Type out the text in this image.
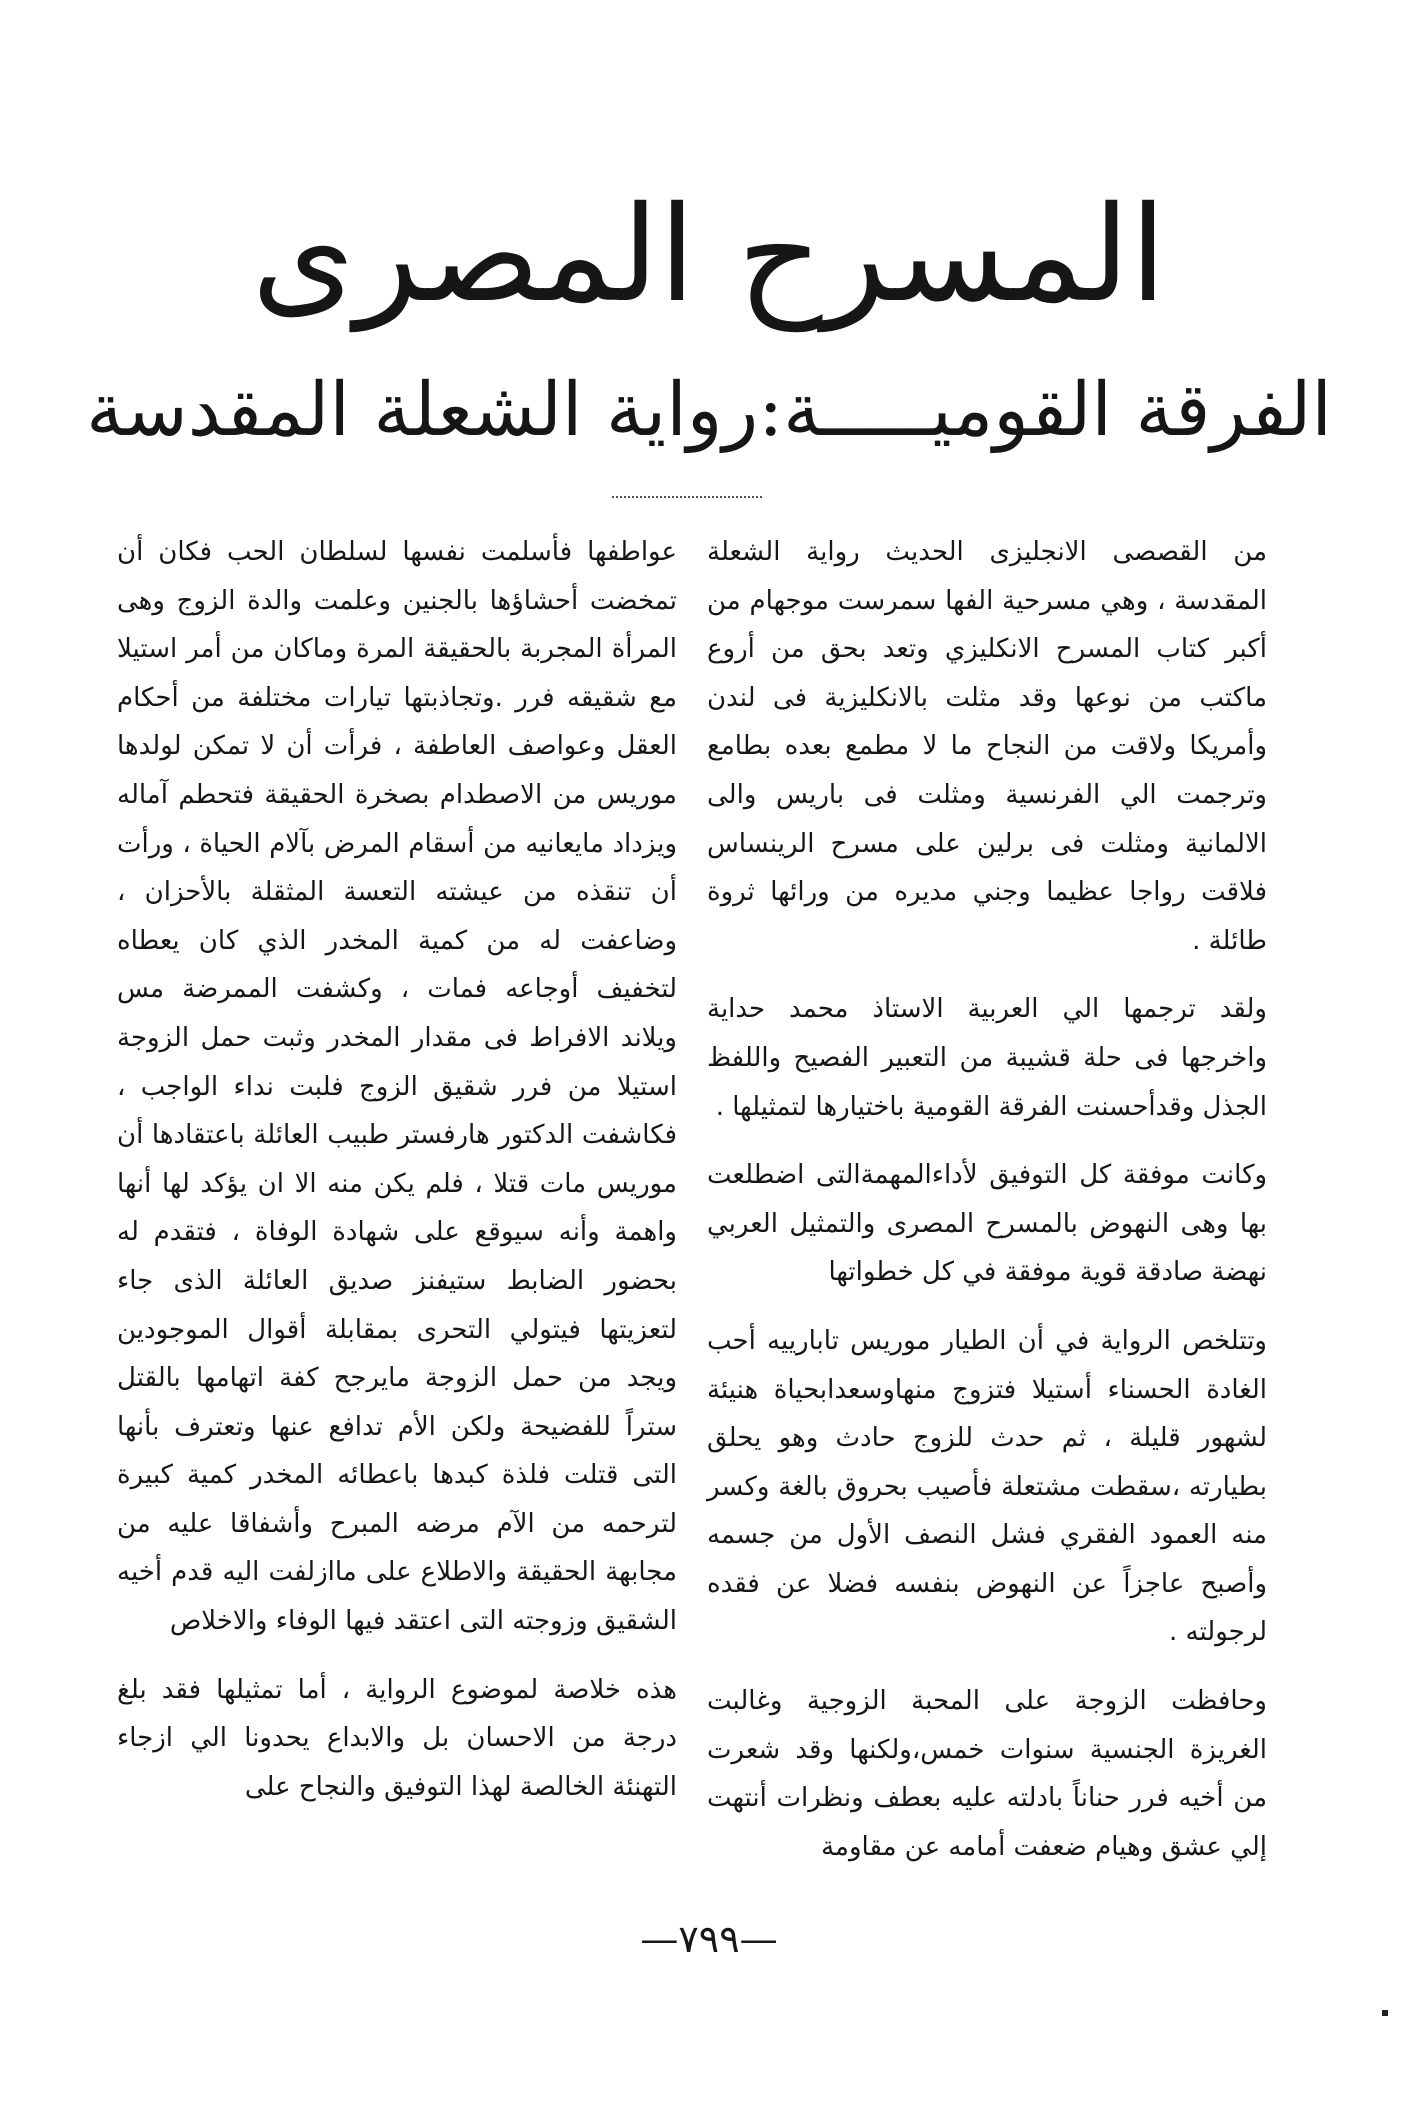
المسرح المصرى
الفرقة القوميـــــة:رواية الشعلة المقدسة

من القصصى الانجليزى الحديث رواية الشعلة المقدسة ، وهي مسرحية الفها سمرست موجهام من أكبر كتاب المسرح الانكليزي وتعد بحق من أروع ماكتب من نوعها وقد مثلت بالانكليزية فى لندن وأمريكا ولاقت من النجاح ما لا مطمع بعده بطامع وترجمت الي الفرنسية ومثلت فى باريس والى الالمانية ومثلت فى برلين على مسرح الرينساس فلاقت رواجا عظيما وجني مديره من ورائها ثروة طائلة .

ولقد ترجمها الي العربية الاستاذ محمد حداية واخرجها فى حلة قشيبة من التعبير الفصيح واللفظ الجذل وقدأحسنت الفرقة القومية باختيارها لتمثيلها .

وكانت موفقة كل التوفيق لأداءالمهمةالتى اضطلعت بها وهى النهوض بالمسرح المصرى والتمثيل العربي نهضة صادقة قوية موفقة في كل خطواتها

وتتلخص الرواية في أن الطيار موريس تابارييه أحب الغادة الحسناء أستيلا فتزوج منهاوسعدابحياة هنيئة لشهور قليلة ، ثم حدث للزوج حادث وهو يحلق بطيارته ،سقطت مشتعلة فأصيب بحروق بالغة وكسر منه العمود الفقري فشل النصف الأول من جسمه وأصبح عاجزاً عن النهوض بنفسه فضلا عن فقده لرجولته .

وحافظت الزوجة على المحبة الزوجية وغالبت الغريزة الجنسية سنوات خمس،ولكنها وقد شعرت من أخيه فرر حناناً بادلته عليه بعطف ونظرات أنتهت إلي عشق وهيام ضعفت أمامه عن مقاومة

عواطفها فأسلمت نفسها لسلطان الحب فكان أن تمخضت أحشاؤها بالجنين وعلمت والدة الزوج وهى المرأة المجربة بالحقيقة المرة وماكان من أمر استيلا مع شقيقه فرر .وتجاذبتها تيارات مختلفة من أحكام العقل وعواصف العاطفة ، فرأت أن لا تمكن لولدها موريس من الاصطدام بصخرة الحقيقة فتحطم آماله ويزداد مايعانيه من أسقام المرض بآلام الحياة ، ورأت أن تنقذه من عيشته التعسة المثقلة بالأحزان ، وضاعفت له من كمية المخدر الذي كان يعطاه لتخفيف أوجاعه فمات ، وكشفت الممرضة مس ويلاند الافراط فى مقدار المخدر وثبت حمل الزوجة استيلا من فرر شقيق الزوج فلبت نداء الواجب ، فكاشفت الدكتور هارفستر طبيب العائلة باعتقادها أن موريس مات قتلا ، فلم يكن منه الا ان يؤكد لها أنها واهمة وأنه سيوقع على شهادة الوفاة ، فتقدم له بحضور الضابط ستيفنز صديق العائلة الذى جاء لتعزيتها فيتولي التحرى بمقابلة أقوال الموجودين ويجد من حمل الزوجة مايرجح كفة اتهامها بالقتل ستراً للفضيحة ولكن الأم تدافع عنها وتعترف بأنها التى قتلت فلذة كبدها باعطائه المخدر كمية كبيرة لترحمه من الآم مرضه المبرح وأشفاقا عليه من مجابهة الحقيقة والاطلاع على ماازلفت اليه قدم أخيه الشقيق وزوجته التى اعتقد فيها الوفاء والاخلاص

هذه خلاصة لموضوع الرواية ، أما تمثيلها فقد بلغ درجة من الاحسان بل والابداع يحدونا الي ازجاء التهنئة الخالصة لهذا التوفيق والنجاح على

—٧٩٩—
